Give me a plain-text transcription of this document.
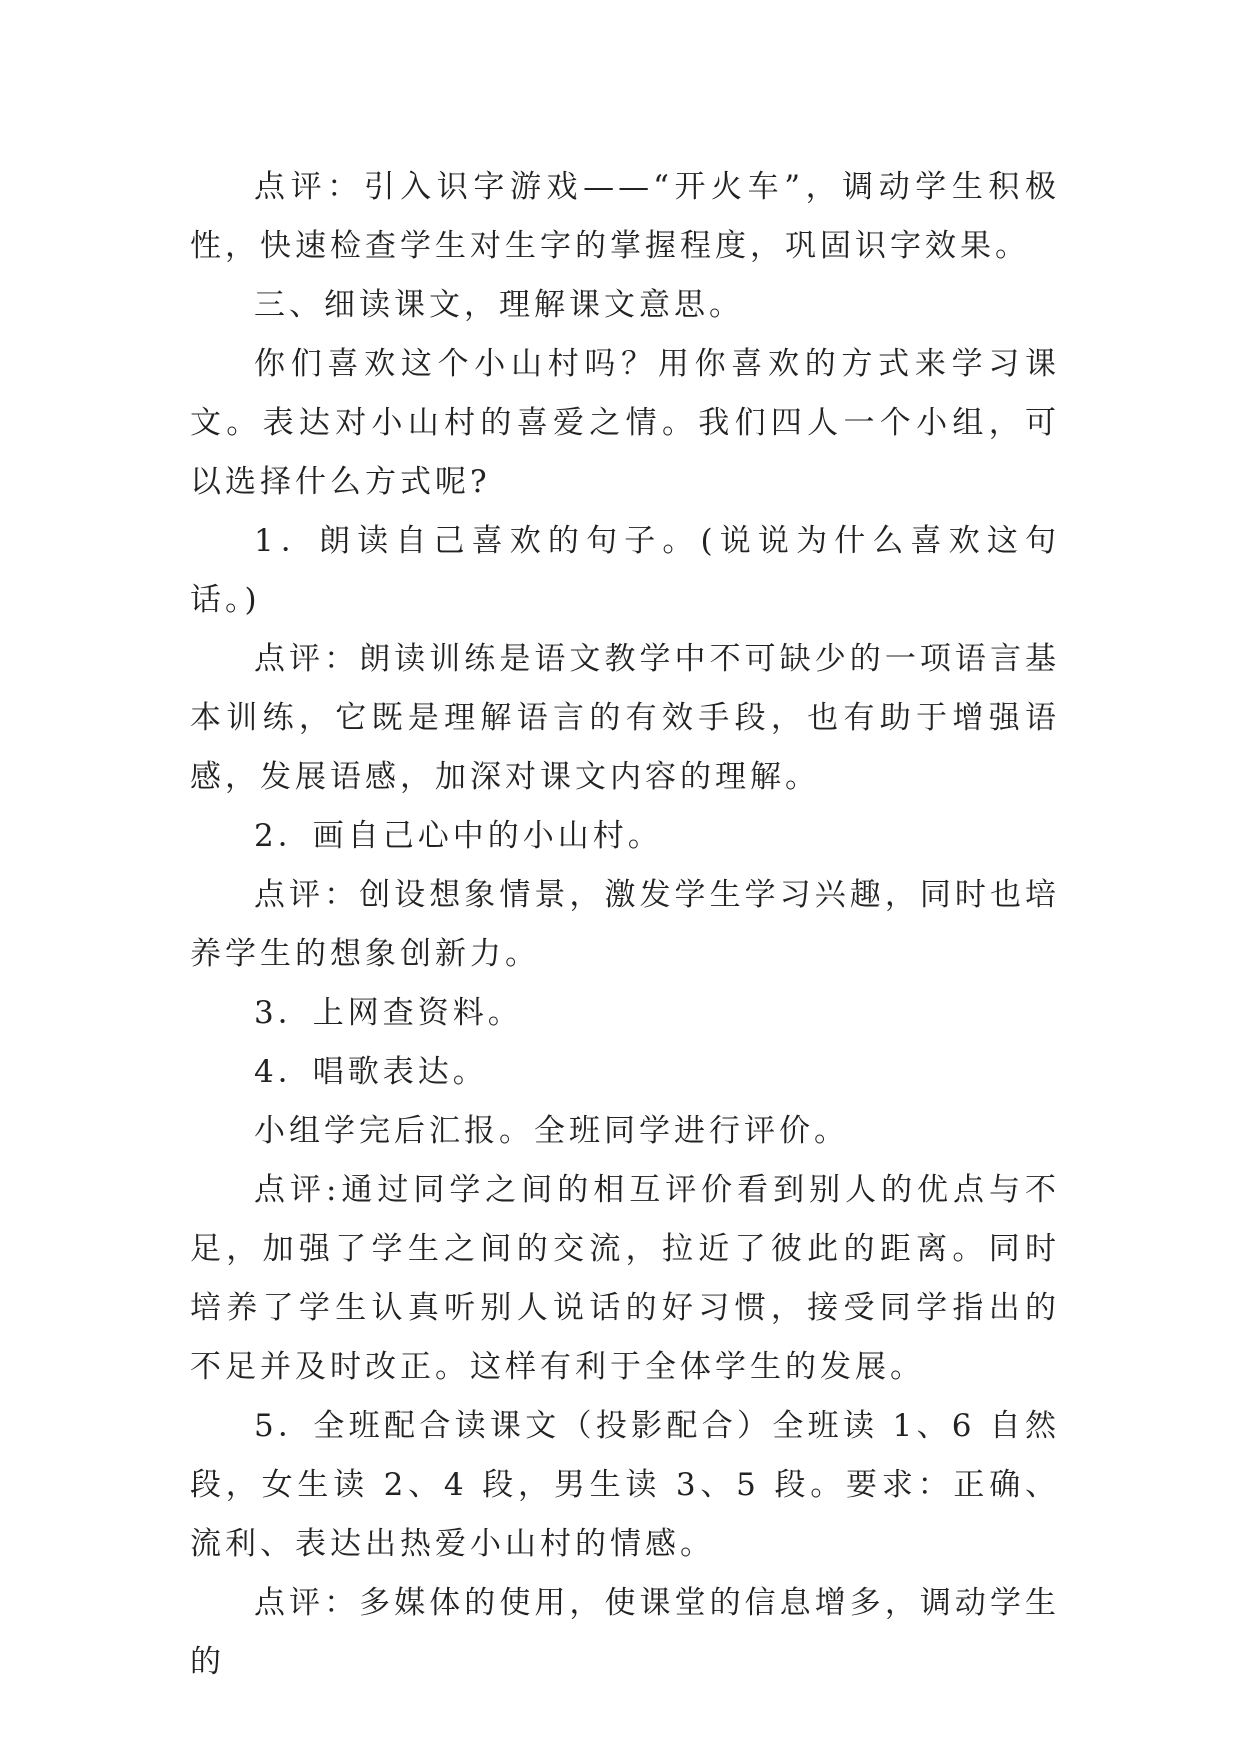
点评：引入识字游戏——“开火车”，调动学生积极性，快速检查学生对生字的掌握程度，巩固识字效果。

三、细读课文，理解课文意思。

你们喜欢这个小山村吗？用你喜欢的方式来学习课文。表达对小山村的喜爱之情。我们四人一个小组，可以选择什么方式呢?

1．朗读自己喜欢的句子。(说说为什么喜欢这句话。)

点评：朗读训练是语文教学中不可缺少的一项语言基本训练，它既是理解语言的有效手段，也有助于增强语感，发展语感，加深对课文内容的理解。

2．画自己心中的小山村。

点评：创设想象情景，激发学生学习兴趣，同时也培养学生的想象创新力。

3．上网查资料。

4．唱歌表达。

小组学完后汇报。全班同学进行评价。

点评:通过同学之间的相互评价看到别人的优点与不足，加强了学生之间的交流，拉近了彼此的距离。同时培养了学生认真听别人说话的好习惯，接受同学指出的不足并及时改正。这样有利于全体学生的发展。

5．全班配合读课文（投影配合）全班读 1、6 自然段，女生读 2、4 段，男生读 3、5 段。要求：正确、流利、表达出热爱小山村的情感。

点评：多媒体的使用，使课堂的信息增多，调动学生的
